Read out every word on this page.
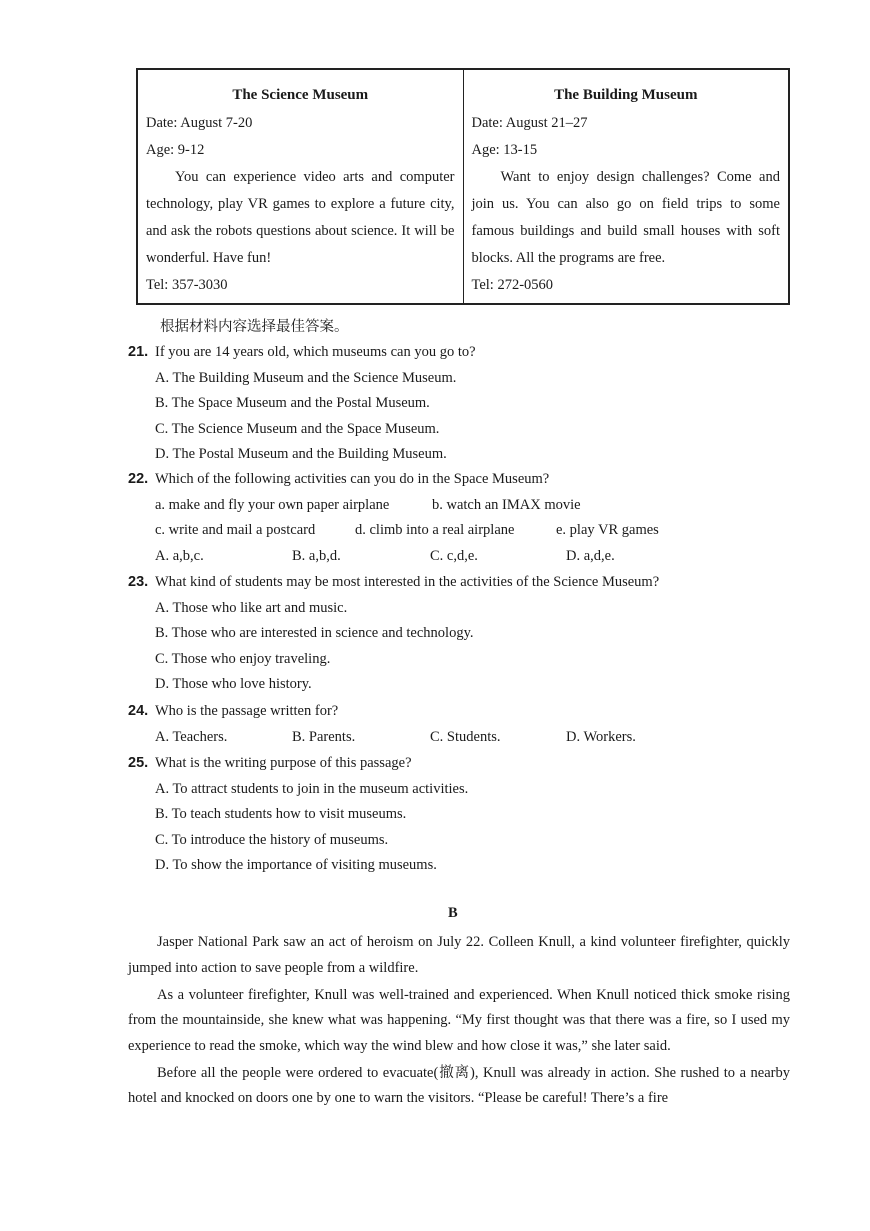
The Science Museum
Date: August 7-20
Age: 9-12
You can experience video arts and computer technology, play VR games to explore a future city, and ask the robots questions about science. It will be wonderful. Have fun!
Tel: 357-3030
The Building Museum
Date: August 21–27
Age: 13-15
Want to enjoy design challenges? Come and join us. You can also go on field trips to some famous buildings and build small houses with soft blocks. All the programs are free.
Tel: 272-0560
根据材料内容选择最佳答案。
21. If you are 14 years old, which museums can you go to?
A. The Building Museum and the Science Museum.
B. The Space Museum and the Postal Museum.
C. The Science Museum and the Space Museum.
D. The Postal Museum and the Building Museum.
22. Which of the following activities can you do in the Space Museum?
a. make and fly your own paper airplane	b. watch an IMAX movie
c. write and mail a postcard	d. climb into a real airplane	e. play VR games
A. a,b,c.	B. a,b,d.	C. c,d,e.	D. a,d,e.
23. What kind of students may be most interested in the activities of the Science Museum?
A. Those who like art and music.
B. Those who are interested in science and technology.
C. Those who enjoy traveling.
D. Those who love history.
24. Who is the passage written for?
A. Teachers.	B. Parents.	C. Students.	D. Workers.
25. What is the writing purpose of this passage?
A. To attract students to join in the museum activities.
B. To teach students how to visit museums.
C. To introduce the history of museums.
D. To show the importance of visiting museums.
B

Jasper National Park saw an act of heroism on July 22. Colleen Knull, a kind volunteer firefighter, quickly jumped into action to save people from a wildfire.

As a volunteer firefighter, Knull was well-trained and experienced. When Knull noticed thick smoke rising from the mountainside, she knew what was happening. “My first thought was that there was a fire, so I used my experience to read the smoke, which way the wind blew and how close it was,” she later said.

Before all the people were ordered to evacuate(撤离), Knull was already in action. She rushed to a nearby hotel and knocked on doors one by one to warn the visitors. “Please be careful! There’s a fire
